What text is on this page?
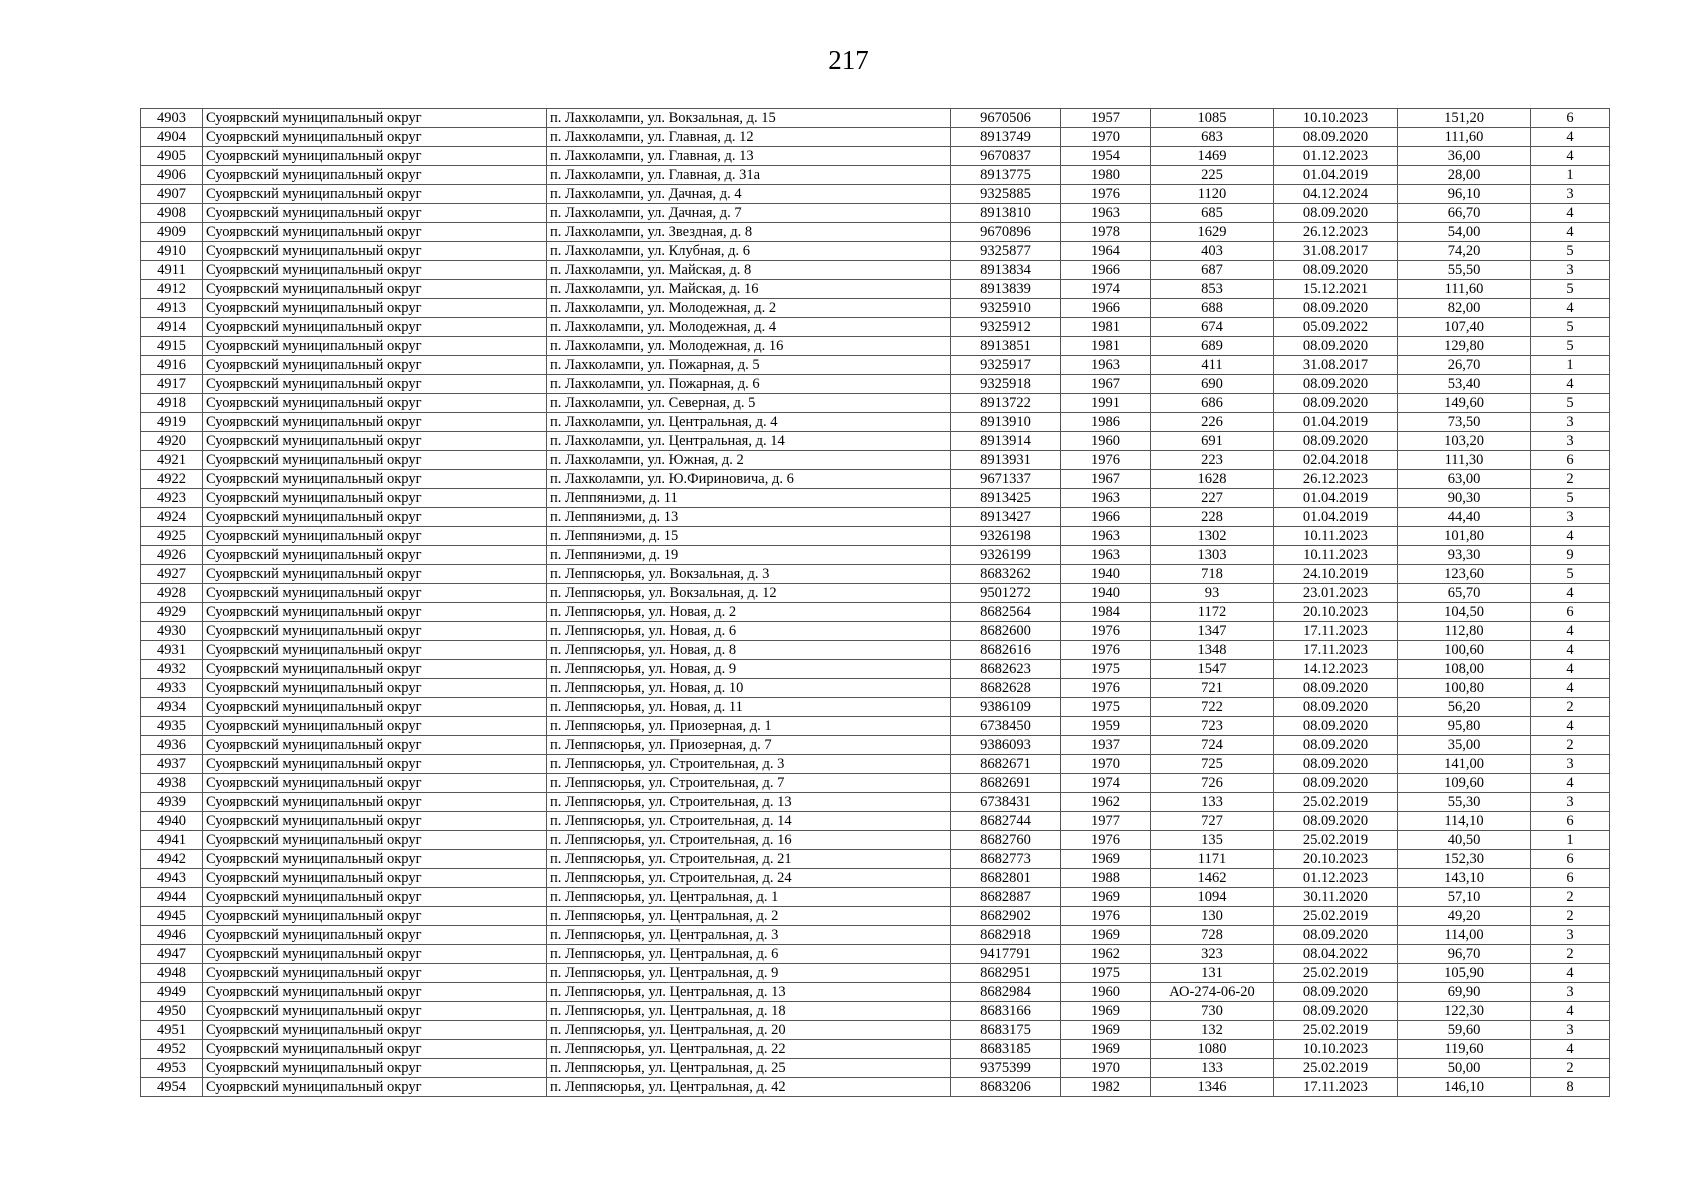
217
4903	Суоярвский муниципальный округ	п. Лахколампи, ул. Вокзальная, д. 15	9670506	1957	1085	10.10.2023	151,20	6
4904	Суоярвский муниципальный округ	п. Лахколампи, ул. Главная, д. 12	8913749	1970	683	08.09.2020	111,60	4
4905	Суоярвский муниципальный округ	п. Лахколампи, ул. Главная, д. 13	9670837	1954	1469	01.12.2023	36,00	4
4906	Суоярвский муниципальный округ	п. Лахколампи, ул. Главная, д. 31а	8913775	1980	225	01.04.2019	28,00	1
4907	Суоярвский муниципальный округ	п. Лахколампи, ул. Дачная, д. 4	9325885	1976	1120	04.12.2024	96,10	3
4908	Суоярвский муниципальный округ	п. Лахколампи, ул. Дачная, д. 7	8913810	1963	685	08.09.2020	66,70	4
4909	Суоярвский муниципальный округ	п. Лахколампи, ул. Звездная, д. 8	9670896	1978	1629	26.12.2023	54,00	4
4910	Суоярвский муниципальный округ	п. Лахколампи, ул. Клубная, д. 6	9325877	1964	403	31.08.2017	74,20	5
4911	Суоярвский муниципальный округ	п. Лахколампи, ул. Майская, д. 8	8913834	1966	687	08.09.2020	55,50	3
4912	Суоярвский муниципальный округ	п. Лахколампи, ул. Майская, д. 16	8913839	1974	853	15.12.2021	111,60	5
4913	Суоярвский муниципальный округ	п. Лахколампи, ул. Молодежная, д. 2	9325910	1966	688	08.09.2020	82,00	4
4914	Суоярвский муниципальный округ	п. Лахколампи, ул. Молодежная, д. 4	9325912	1981	674	05.09.2022	107,40	5
4915	Суоярвский муниципальный округ	п. Лахколампи, ул. Молодежная, д. 16	8913851	1981	689	08.09.2020	129,80	5
4916	Суоярвский муниципальный округ	п. Лахколампи, ул. Пожарная, д. 5	9325917	1963	411	31.08.2017	26,70	1
4917	Суоярвский муниципальный округ	п. Лахколампи, ул. Пожарная, д. 6	9325918	1967	690	08.09.2020	53,40	4
4918	Суоярвский муниципальный округ	п. Лахколампи, ул. Северная, д. 5	8913722	1991	686	08.09.2020	149,60	5
4919	Суоярвский муниципальный округ	п. Лахколампи, ул. Центральная, д. 4	8913910	1986	226	01.04.2019	73,50	3
4920	Суоярвский муниципальный округ	п. Лахколампи, ул. Центральная, д. 14	8913914	1960	691	08.09.2020	103,20	3
4921	Суоярвский муниципальный округ	п. Лахколампи, ул. Южная, д. 2	8913931	1976	223	02.04.2018	111,30	6
4922	Суоярвский муниципальный округ	п. Лахколампи, ул. Ю.Фириновича, д. 6	9671337	1967	1628	26.12.2023	63,00	2
4923	Суоярвский муниципальный округ	п. Леппяниэми, д. 11	8913425	1963	227	01.04.2019	90,30	5
4924	Суоярвский муниципальный округ	п. Леппяниэми, д. 13	8913427	1966	228	01.04.2019	44,40	3
4925	Суоярвский муниципальный округ	п. Леппяниэми, д. 15	9326198	1963	1302	10.11.2023	101,80	4
4926	Суоярвский муниципальный округ	п. Леппяниэми, д. 19	9326199	1963	1303	10.11.2023	93,30	9
4927	Суоярвский муниципальный округ	п. Леппясюрья, ул. Вокзальная, д. 3	8683262	1940	718	24.10.2019	123,60	5
4928	Суоярвский муниципальный округ	п. Леппясюрья, ул. Вокзальная, д. 12	9501272	1940	93	23.01.2023	65,70	4
4929	Суоярвский муниципальный округ	п. Леппясюрья, ул. Новая, д. 2	8682564	1984	1172	20.10.2023	104,50	6
4930	Суоярвский муниципальный округ	п. Леппясюрья, ул. Новая, д. 6	8682600	1976	1347	17.11.2023	112,80	4
4931	Суоярвский муниципальный округ	п. Леппясюрья, ул. Новая, д. 8	8682616	1976	1348	17.11.2023	100,60	4
4932	Суоярвский муниципальный округ	п. Леппясюрья, ул. Новая, д. 9	8682623	1975	1547	14.12.2023	108,00	4
4933	Суоярвский муниципальный округ	п. Леппясюрья, ул. Новая, д. 10	8682628	1976	721	08.09.2020	100,80	4
4934	Суоярвский муниципальный округ	п. Леппясюрья, ул. Новая, д. 11	9386109	1975	722	08.09.2020	56,20	2
4935	Суоярвский муниципальный округ	п. Леппясюрья, ул. Приозерная, д. 1	6738450	1959	723	08.09.2020	95,80	4
4936	Суоярвский муниципальный округ	п. Леппясюрья, ул. Приозерная, д. 7	9386093	1937	724	08.09.2020	35,00	2
4937	Суоярвский муниципальный округ	п. Леппясюрья, ул. Строительная, д. 3	8682671	1970	725	08.09.2020	141,00	3
4938	Суоярвский муниципальный округ	п. Леппясюрья, ул. Строительная, д. 7	8682691	1974	726	08.09.2020	109,60	4
4939	Суоярвский муниципальный округ	п. Леппясюрья, ул. Строительная, д. 13	6738431	1962	133	25.02.2019	55,30	3
4940	Суоярвский муниципальный округ	п. Леппясюрья, ул. Строительная, д. 14	8682744	1977	727	08.09.2020	114,10	6
4941	Суоярвский муниципальный округ	п. Леппясюрья, ул. Строительная, д. 16	8682760	1976	135	25.02.2019	40,50	1
4942	Суоярвский муниципальный округ	п. Леппясюрья, ул. Строительная, д. 21	8682773	1969	1171	20.10.2023	152,30	6
4943	Суоярвский муниципальный округ	п. Леппясюрья, ул. Строительная, д. 24	8682801	1988	1462	01.12.2023	143,10	6
4944	Суоярвский муниципальный округ	п. Леппясюрья, ул. Центральная, д. 1	8682887	1969	1094	30.11.2020	57,10	2
4945	Суоярвский муниципальный округ	п. Леппясюрья, ул. Центральная, д. 2	8682902	1976	130	25.02.2019	49,20	2
4946	Суоярвский муниципальный округ	п. Леппясюрья, ул. Центральная, д. 3	8682918	1969	728	08.09.2020	114,00	3
4947	Суоярвский муниципальный округ	п. Леппясюрья, ул. Центральная, д. 6	9417791	1962	323	08.04.2022	96,70	2
4948	Суоярвский муниципальный округ	п. Леппясюрья, ул. Центральная, д. 9	8682951	1975	131	25.02.2019	105,90	4
4949	Суоярвский муниципальный округ	п. Леппясюрья, ул. Центральная, д. 13	8682984	1960	АО-274-06-20	08.09.2020	69,90	3
4950	Суоярвский муниципальный округ	п. Леппясюрья, ул. Центральная, д. 18	8683166	1969	730	08.09.2020	122,30	4
4951	Суоярвский муниципальный округ	п. Леппясюрья, ул. Центральная, д. 20	8683175	1969	132	25.02.2019	59,60	3
4952	Суоярвский муниципальный округ	п. Леппясюрья, ул. Центральная, д. 22	8683185	1969	1080	10.10.2023	119,60	4
4953	Суоярвский муниципальный округ	п. Леппясюрья, ул. Центральная, д. 25	9375399	1970	133	25.02.2019	50,00	2
4954	Суоярвский муниципальный округ	п. Леппясюрья, ул. Центральная, д. 42	8683206	1982	1346	17.11.2023	146,10	8
